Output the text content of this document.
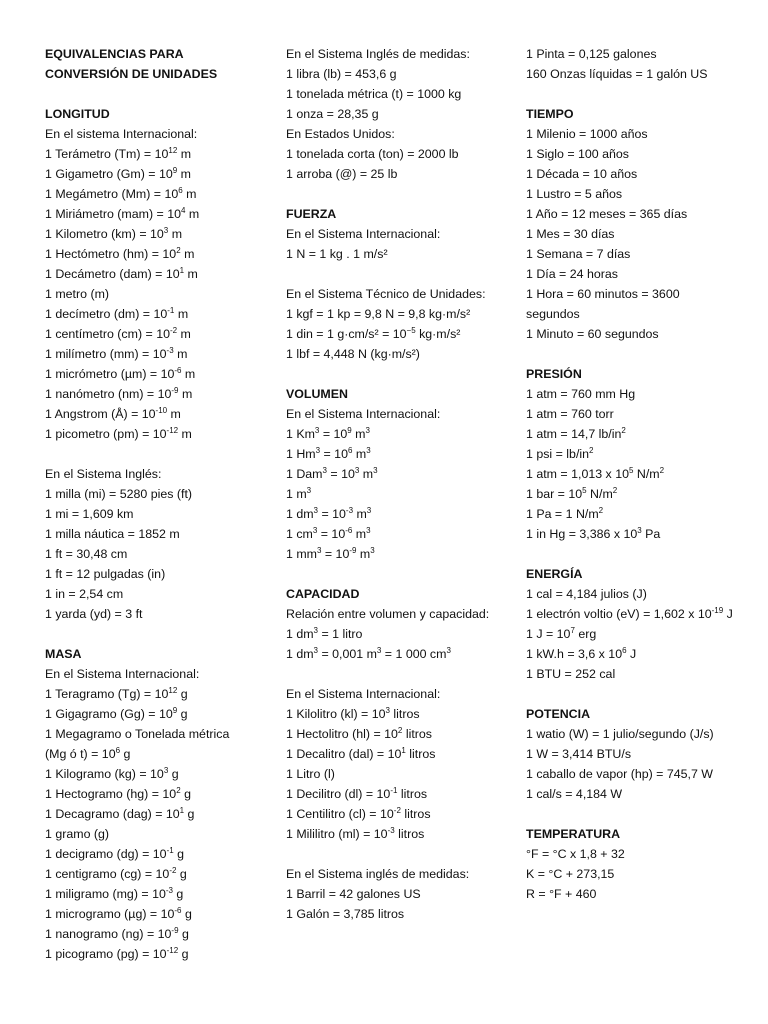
EQUIVALENCIAS PARA
CONVERSIÓN DE UNIDADES
LONGITUD
En el sistema Internacional:
1 Terámetro $(Tm) = 10^{12}$ m
1 Gigametro $(Gm) = 10^9$ m
1 Megámetro $(Mm) = 10^6$ m
1 Miriámetro $(mam) = 10^4$ m
1 Kilometro $(km) = 10^3$ m
1 Hectómetro $(hm) = 10^2$ m
1 Decámetro $(dam) = 10^1$ m
1 metro (m)
1 decímetro $(dm) = 10^{-1}$ m
1 centímetro $(cm) = 10^{-2}$ m
1 milímetro $(mm) = 10^{-3}$ m
1 micrómetro $(\mu m) = 10^{-6}$ m
1 nanómetro $(nm) = 10^{-9}$ m
1 Angstrom (Å) = $10^{-10}$ m
1 picometro $(pm) = 10^{-12}$ m
En el Sistema Inglés:
1 milla (mi) = 5280 pies (ft)
1 mi = 1,609 km
1 milla náutica = 1852 m
1 ft = 30,48 cm
1 ft = 12 pulgadas (in)
1 in = 2,54 cm
1 yarda (yd) = 3 ft
MASA
En el Sistema Internacional:
1 Teragramo $(Tg) = 10^{12}$ g
1 Gigagramo $(Gg) = 10^9$ g
1 Megagramo o Tonelada métrica
(Mg ó $t) = 10^6$ g
1 Kilogramo $(kg) = 10^3$ g
1 Hectogramo $(hg) = 10^2$ g
1 Decagramo $(dag) = 10^1$ g
1 gramo (g)
1 decigramo $(dg) = 10^{-1}$ g
1 centigramo $(cg) = 10^{-2}$ g
1 miligramo $(mg) = 10^{-3}$ g
1 microgramo $(\mu g) = 10^{-6}$ g
1 nanogramo $(ng) = 10^{-9}$ g
1 picogramo $(pg) = 10^{-12}$ g
En el Sistema Inglés de medidas:
1 libra (lb) = 453,6 g
1 tonelada métrica (t) = 1000 kg
1 onza = 28,35 g
En Estados Unidos:
1 tonelada corta (ton) = 2000 lb
1 arroba (@) = 25 lb
FUERZA
En el Sistema Internacional:
1 N = 1 kg . 1 m/s²
En el Sistema Técnico de Unidades:
1 kgf = 1 kp = 9,8 N = 9,8 kg·m/s²
1 din = 1 $g\cdot cm/s^2 = 10^{-5}$ kg·m/s²
1 lbf = 4,448 N (kg·m/s²)
VOLUMEN
En el Sistema Internacional:
1 $Km^3 = 10^9$ $m^3$
1 $Hm^3 = 10^6$ $m^3$
1 $Dam^3 = 10^3$ $m^3$
1 $m^3$
1 $dm^3 = 10^{-3}$ $m^3$
1 $cm^3 = 10^{-6}$ $m^3$
1 $mm^3 = 10^{-9}$ $m^3$
CAPACIDAD
Relación entre volumen y capacidad:
1 $dm^3 = 1$ litro
1 $dm^3 = 0,001$ $m^3 = 1$ 000 $cm^3$
En el Sistema Internacional:
1 Kilolitro $(kl) = 10^3$ litros
1 Hectolitro $(hl) = 10^2$ litros
1 Decalitro $(dal) = 10^1$ litros
1 Litro (l)
1 Decilitro $(dl) = 10^{-1}$ litros
1 Centilitro $(cl) = 10^{-2}$ litros
1 Mililitro $(ml) = 10^{-3}$ litros
En el Sistema inglés de medidas:
1 Barril = 42 galones US
1 Galón = 3,785 litros
1 Pinta = 0,125 galones
160 Onzas líquidas = 1 galón US
TIEMPO
1 Milenio = 1000 años
1 Siglo = 100 años
1 Década = 10 años
1 Lustro = 5 años
1 Año = 12 meses = 365 días
1 Mes = 30 días
1 Semana = 7 días
1 Día = 24 horas
1 Hora = 60 minutos = 3600
segundos
1 Minuto = 60 segundos
PRESIÓN
1 atm = 760 mm Hg
1 atm = 760 torr
1 atm = 14,7 $lb/in^2$
1 psi = $lb/in^2$
1 atm = 1,013 x $10^5$ $N/m^2$
1 bar = $10^5$ $N/m^2$
1 Pa = 1 $N/m^2$
1 in Hg = 3,386 x $10^3$ Pa
ENERGÍA
1 cal = 4,184 julios (J)
1 electrón voltio (eV) = 1,602 x $10^{-19}$ J
1 $J = 10^7$ erg
1 kW.h = 3,6 x $10^6$ J
1 BTU = 252 cal
POTENCIA
1 watio (W) = 1 julio/segundo (J/s)
1 W = 3,414 BTU/s
1 caballo de vapor (hp) = 745,7 W
1 cal/s = 4,184 W
TEMPERATURA
°F = °C x 1,8 + 32
K = °C + 273,15
R = °F + 460
